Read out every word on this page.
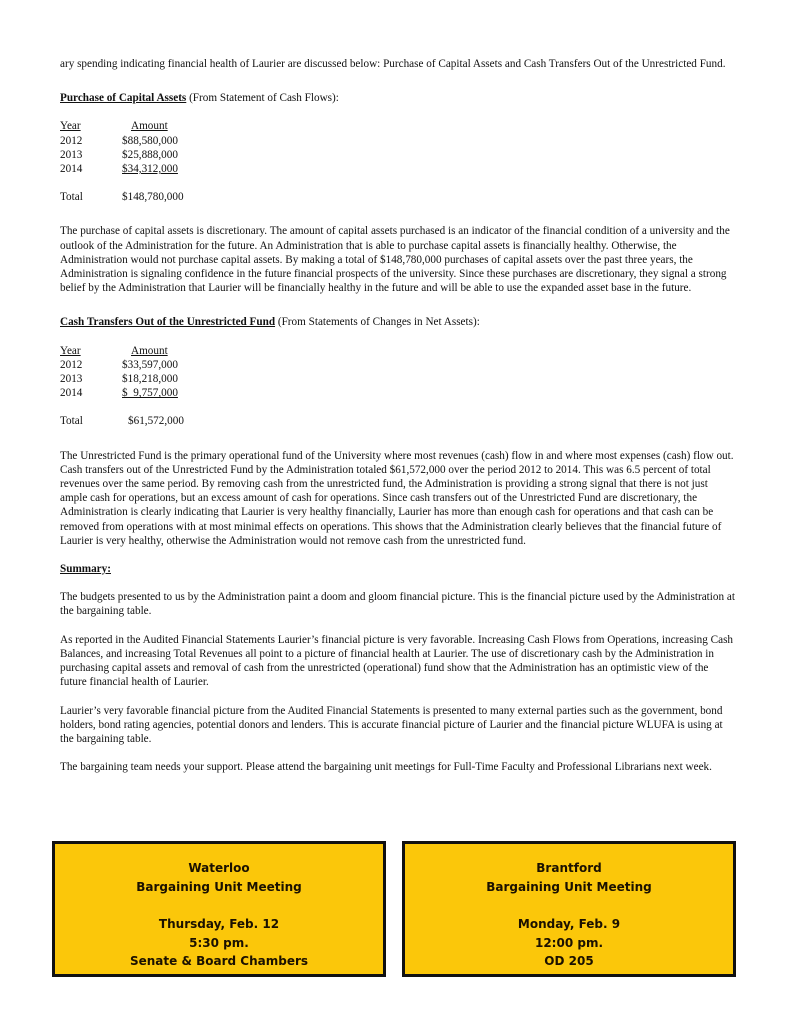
ary spending indicating financial health of Laurier are discussed below: Purchase of Capital Assets and Cash Transfers Out of the Unrestricted Fund.

Purchase of Capital Assets (From Statement of Cash Flows):

Year	Amount
2012	$88,580,000
2013	$25,888,000
2014	$34,312,000

Total	$148,780,000

The purchase of capital assets is discretionary. The amount of capital assets purchased is an indicator of the financial condition of a university and the outlook of the Administration for the future. An Administration that is able to purchase capital assets is financially healthy. Otherwise, the Administration would not purchase capital assets. By making a total of $148,780,000 purchases of capital assets over the past three years, the Administration is signaling confidence in the future financial prospects of the university. Since these purchases are discretionary, they signal a strong belief by the Administration that Laurier will be financially healthy in the future and will be able to use the expanded asset base in the future.

Cash Transfers Out of the Unrestricted Fund (From Statements of Changes in Net Assets):

Year	Amount
2012	$33,597,000
2013	$18,218,000
2014	$  9,757,000

Total	$61,572,000

The Unrestricted Fund is the primary operational fund of the University where most revenues (cash) flow in and where most expenses (cash) flow out. Cash transfers out of the Unrestricted Fund by the Administration totaled $61,572,000 over the period 2012 to 2014. This was 6.5 percent of total revenues over the same period. By removing cash from the unrestricted fund, the Administration is providing a strong signal that there is not just ample cash for operations, but an excess amount of cash for operations. Since cash transfers out of the Unrestricted Fund are discretionary, the Administration is clearly indicating that Laurier is very healthy financially, Laurier has more than enough cash for operations and that cash can be removed from operations with at most minimal effects on operations. This shows that the Administration clearly believes that the financial future of Laurier is very healthy, otherwise the Administration would not remove cash from the unrestricted fund.

Summary:

The budgets presented to us by the Administration paint a doom and gloom financial picture. This is the financial picture used by the Administration at the bargaining table.

As reported in the Audited Financial Statements Laurier’s financial picture is very favorable. Increasing Cash Flows from Operations, increasing Cash Balances, and increasing Total Revenues all point to a picture of financial health at Laurier. The use of discretionary cash by the Administration in purchasing capital assets and removal of cash from the unrestricted (operational) fund show that the Administration has an optimistic view of the future financial health of Laurier.

Laurier’s very favorable financial picture from the Audited Financial Statements is presented to many external parties such as the government, bond holders, bond rating agencies, potential donors and lenders. This is accurate financial picture of Laurier and the financial picture WLUFA is using at the bargaining table.

The bargaining team needs your support. Please attend the bargaining unit meetings for Full-Time Faculty and Professional Librarians next week.

Waterloo
Bargaining Unit Meeting
Thursday, Feb. 12
5:30 pm.
Senate & Board Chambers
Brantford
Bargaining Unit Meeting
Monday, Feb. 9
12:00 pm.
OD 205
